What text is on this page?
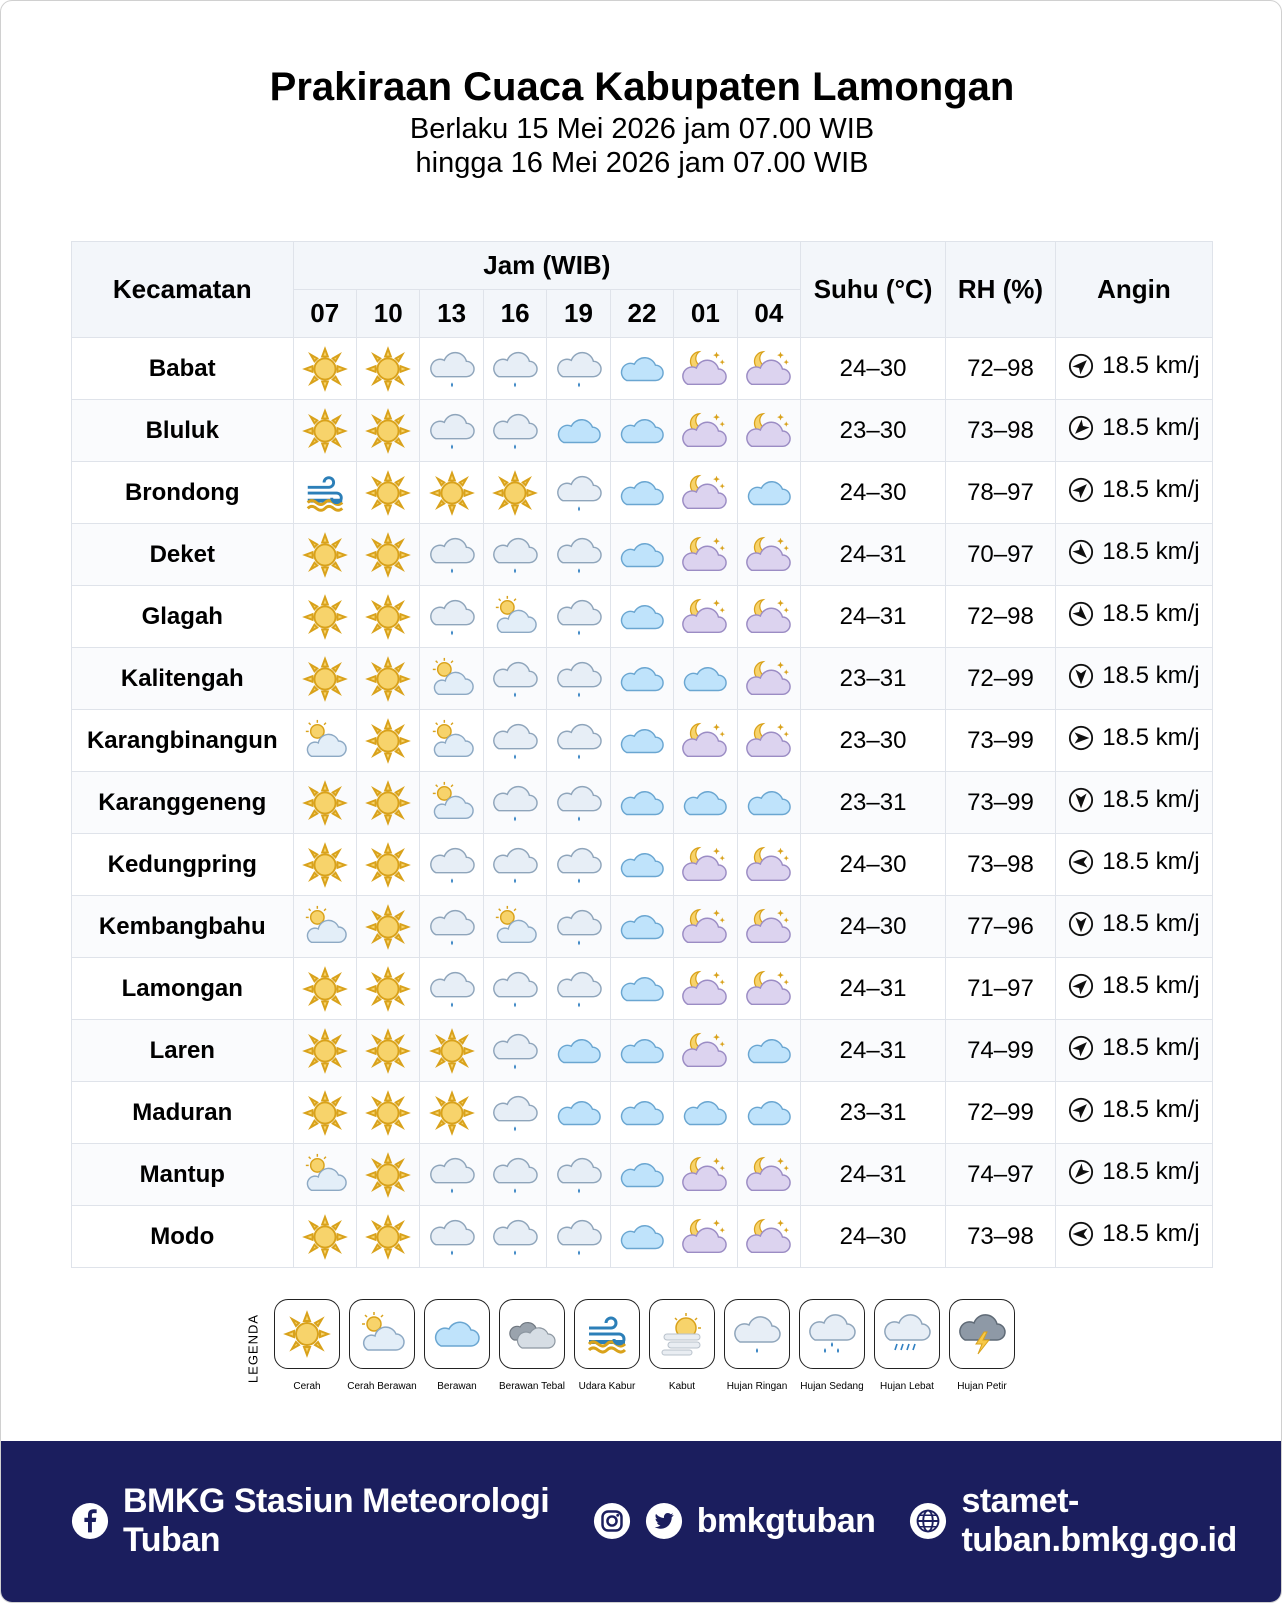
Prakiraan Cuaca Kabupaten Lamongan
Berlaku 15 Mei 2026 jam 07.00 WIB
hingga 16 Mei 2026 jam 07.00 WIB
Kecamatan	Jam (WIB)								Suhu (°C)	RH (%)	Angin
	07	10	13	16	19	22	01	04			
Babat									24–30	72–98	18.5 km/j

Bluluk									23–30	73–98	18.5 km/j

Brondong									24–30	78–97	18.5 km/j

Deket									24–31	70–97	18.5 km/j

Glagah									24–31	72–98	18.5 km/j

Kalitengah									23–31	72–99	18.5 km/j

Karangbinangun									23–30	73–99	18.5 km/j

Karanggeneng									23–31	73–99	18.5 km/j

Kedungpring									24–30	73–98	18.5 km/j

Kembangbahu									24–30	77–96	18.5 km/j

Lamongan									24–31	71–97	18.5 km/j

Laren									24–31	74–99	18.5 km/j

Maduran									23–31	72–99	18.5 km/j

Mantup									24–31	74–97	18.5 km/j

Modo									24–30	73–98	18.5 km/j
LEGENDA
Cerah	Cerah Berawan	Berawan	Berawan Tebal	Udara Kabur	Kabut	Hujan Ringan	Hujan Sedang	Hujan Lebat	Hujan Petir
BMKG Stasiun Meteorologi Tuban
bmkgtuban
stamet-tuban.bmkg.go.id
